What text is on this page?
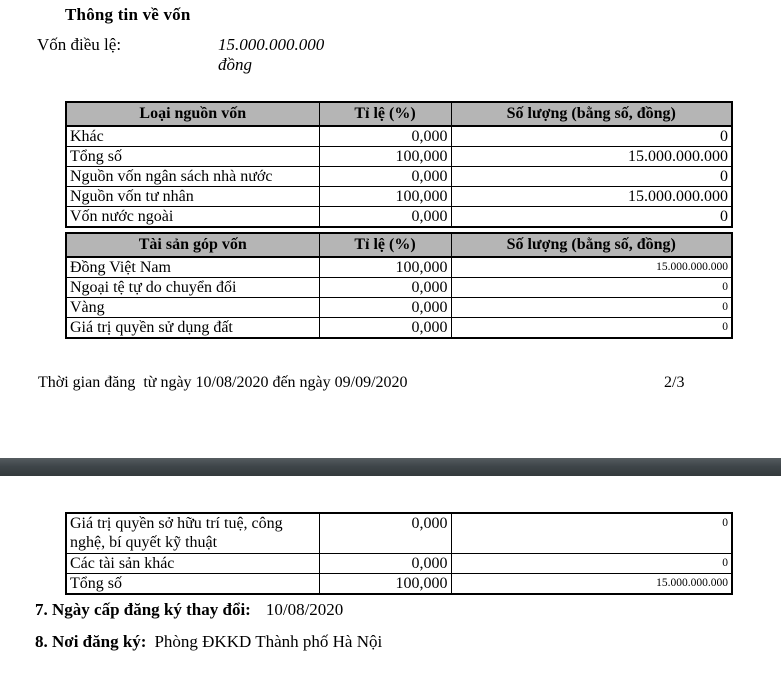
Thông tin về vốn
Vốn điều lệ:	15.000.000.000
đồng
Loại nguồn vốn	Tỉ lệ (%)	Số lượng (bằng số, đồng)
Khác	0,000	0
Tổng số	100,000	15.000.000.000
Nguồn vốn ngân sách nhà nước	0,000	0
Nguồn vốn tư nhân	100,000	15.000.000.000
Vốn nước ngoài	0,000	0
Tài sản góp vốn	Tỉ lệ (%)	Số lượng (bằng số, đồng)
Đồng Việt Nam	100,000	15.000.000.000
Ngoại tệ tự do chuyển đổi	0,000	0
Vàng	0,000	0
Giá trị quyền sử dụng đất	0,000	0
Thời gian đăng  từ ngày 10/08/2020 đến ngày 09/09/2020	2/3
Giá trị quyền sở hữu trí tuệ, công nghệ, bí quyết kỹ thuật	0,000	0
Các tài sản khác	0,000	0
Tổng số	100,000	15.000.000.000
7. Ngày cấp đăng ký thay đổi: 10/08/2020
8. Nơi đăng ký: Phòng ĐKKD Thành phố Hà Nội
